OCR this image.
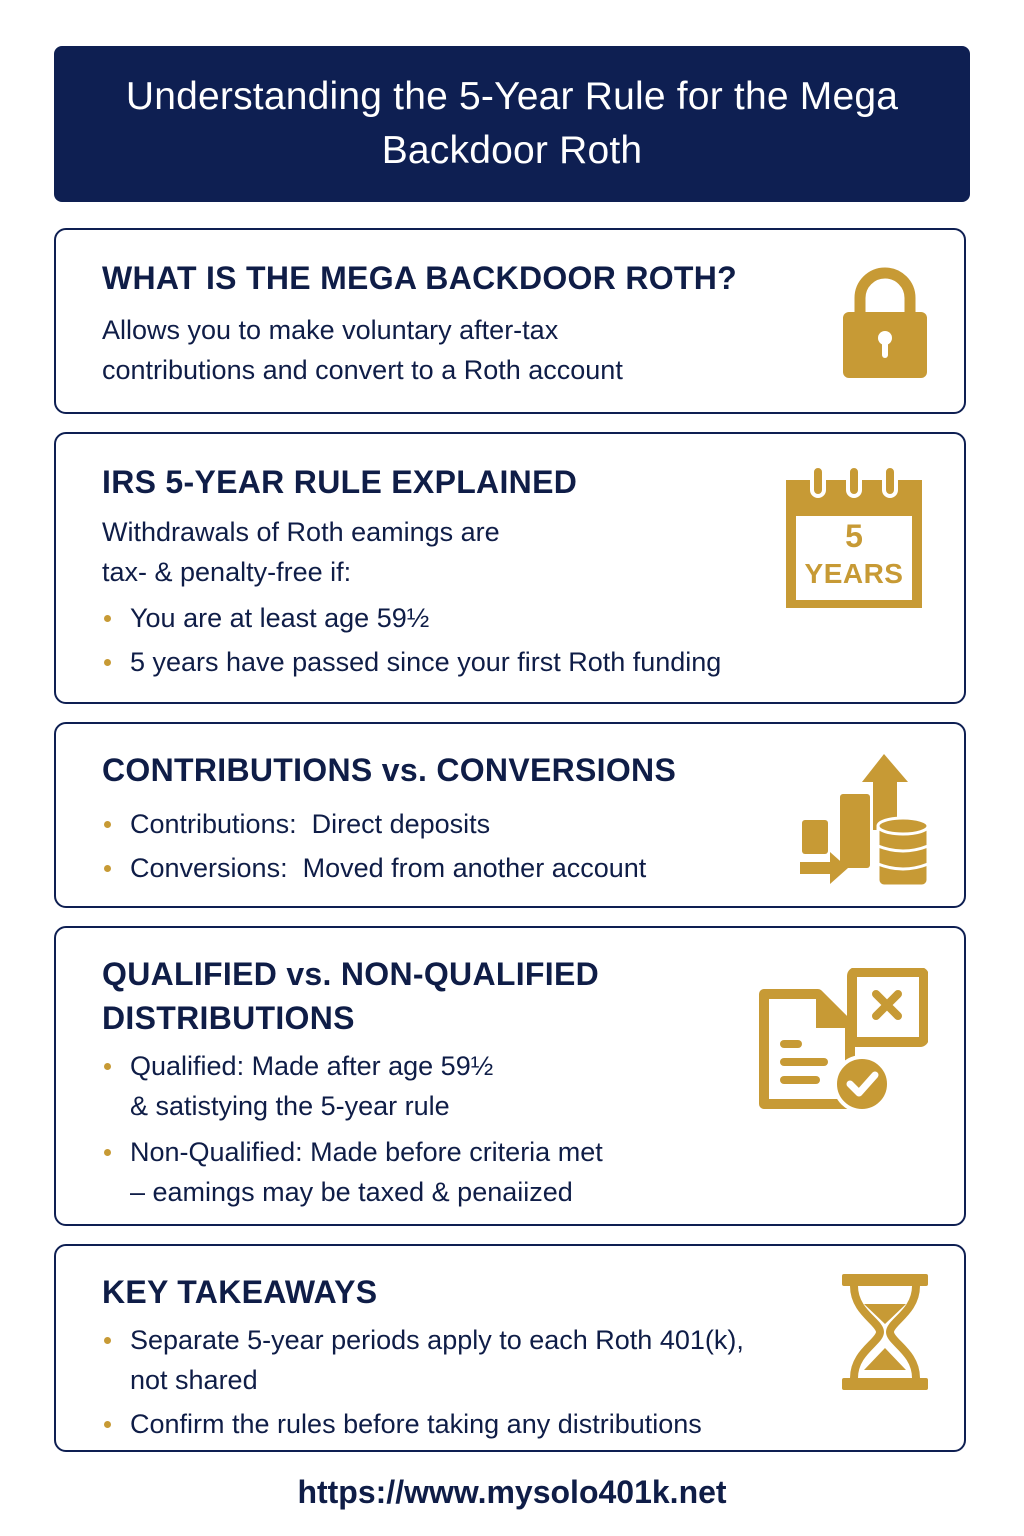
Understanding the 5-Year Rule for the Mega Backdoor Roth
WHAT IS THE MEGA BACKDOOR ROTH?
Allows you to make voluntary after-tax
contributions and convert to a Roth account
IRS 5-YEAR RULE EXPLAINED
Withdrawals of Roth eamings are
tax- & penalty-free if:
You are at least age 59½
5 years have passed since your first Roth funding
5
YEARS
CONTRIBUTIONS vs. CONVERSIONS
Contributions:  Direct deposits
Conversions:  Moved from another account
QUALIFIED vs. NON-QUALIFIED
DISTRIBUTIONS
Qualified: Made after age 59½
& satistying the 5-year rule
Non-Qualified: Made before criteria met
– eamings may be taxed & penaiized
KEY TAKEAWAYS
Separate 5-year periods apply to each Roth 401(k),
not shared
Confirm the rules before taking any distributions
https://www.mysolo401k.net
